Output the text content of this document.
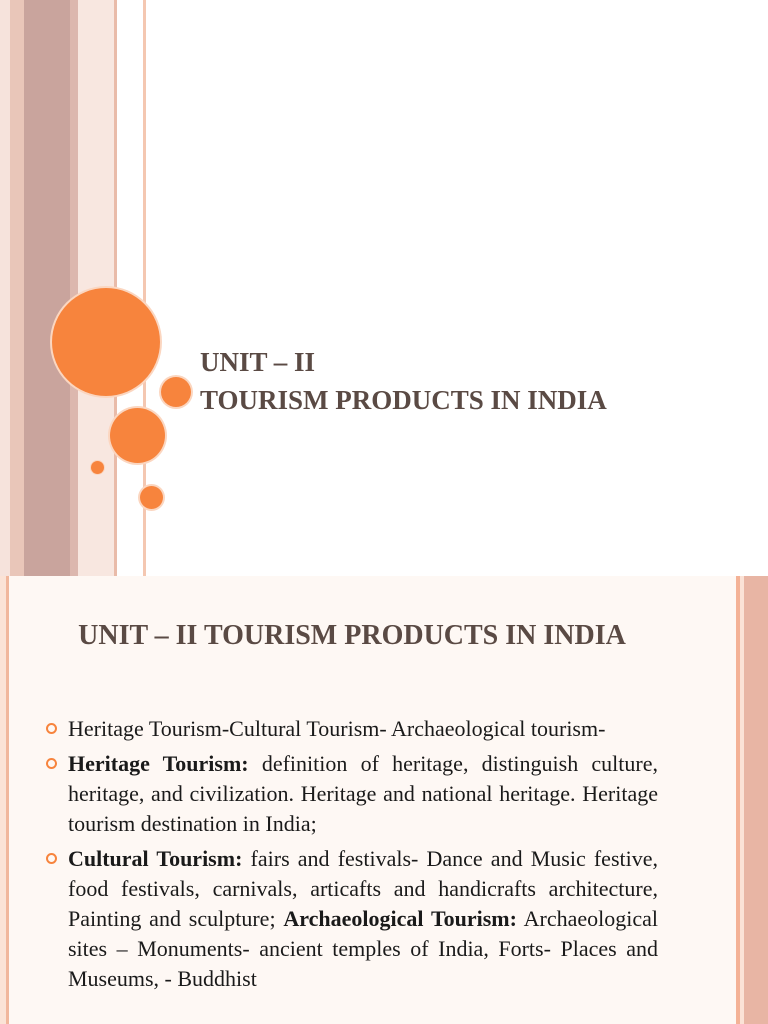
UNIT – II
TOURISM PRODUCTS IN INDIA
UNIT – II TOURISM PRODUCTS IN INDIA
Heritage Tourism-Cultural Tourism- Archaeological tourism-
Heritage Tourism: definition of heritage, distinguish culture, heritage, and civilization. Heritage and national heritage. Heritage tourism destination in India;
Cultural Tourism: fairs and festivals- Dance and Music festive, food festivals, carnivals, articafts and handicrafts architecture, Painting and sculpture; Archaeological Tourism: Archaeological sites – Monuments- ancient temples of India, Forts- Places and Museums, - Buddhist
